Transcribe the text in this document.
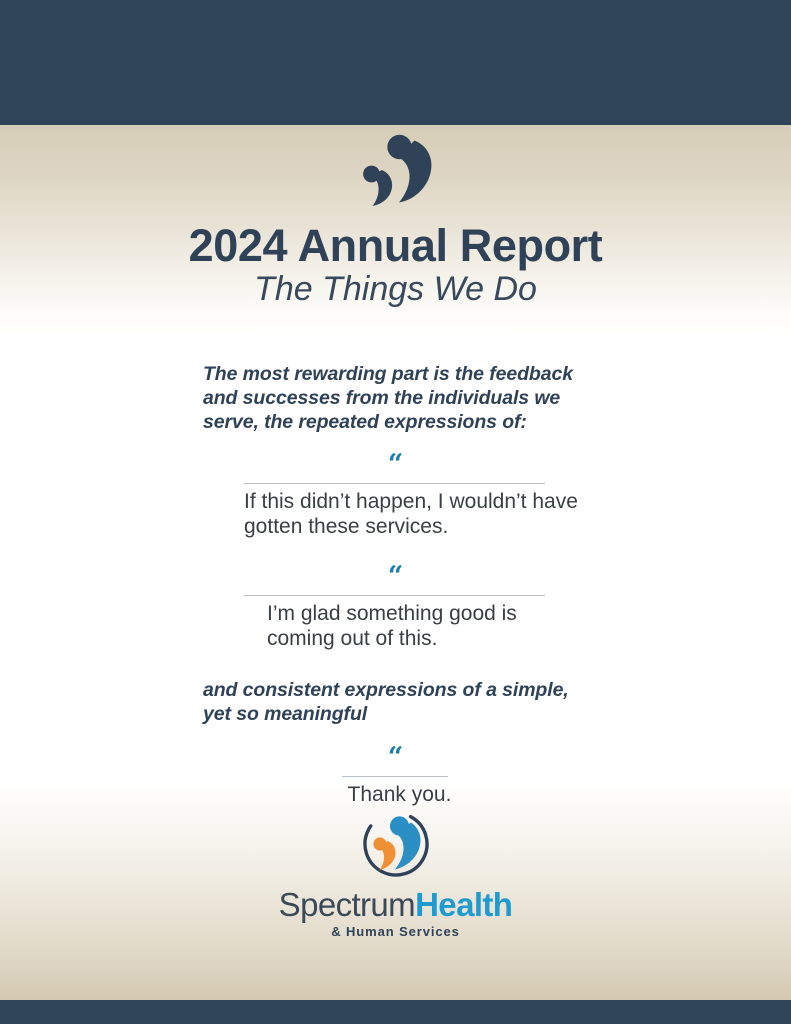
2024 Annual Report
The Things We Do

The most rewarding part is the feedback and successes from the individuals we serve, the repeated expressions of:

“

If this didn’t happen, I wouldn’t have gotten these services.

“

I’m glad something good is coming out of this.

and consistent expressions of a simple, yet so meaningful

“

Thank you.

SpectrumHealth
& Human Services
